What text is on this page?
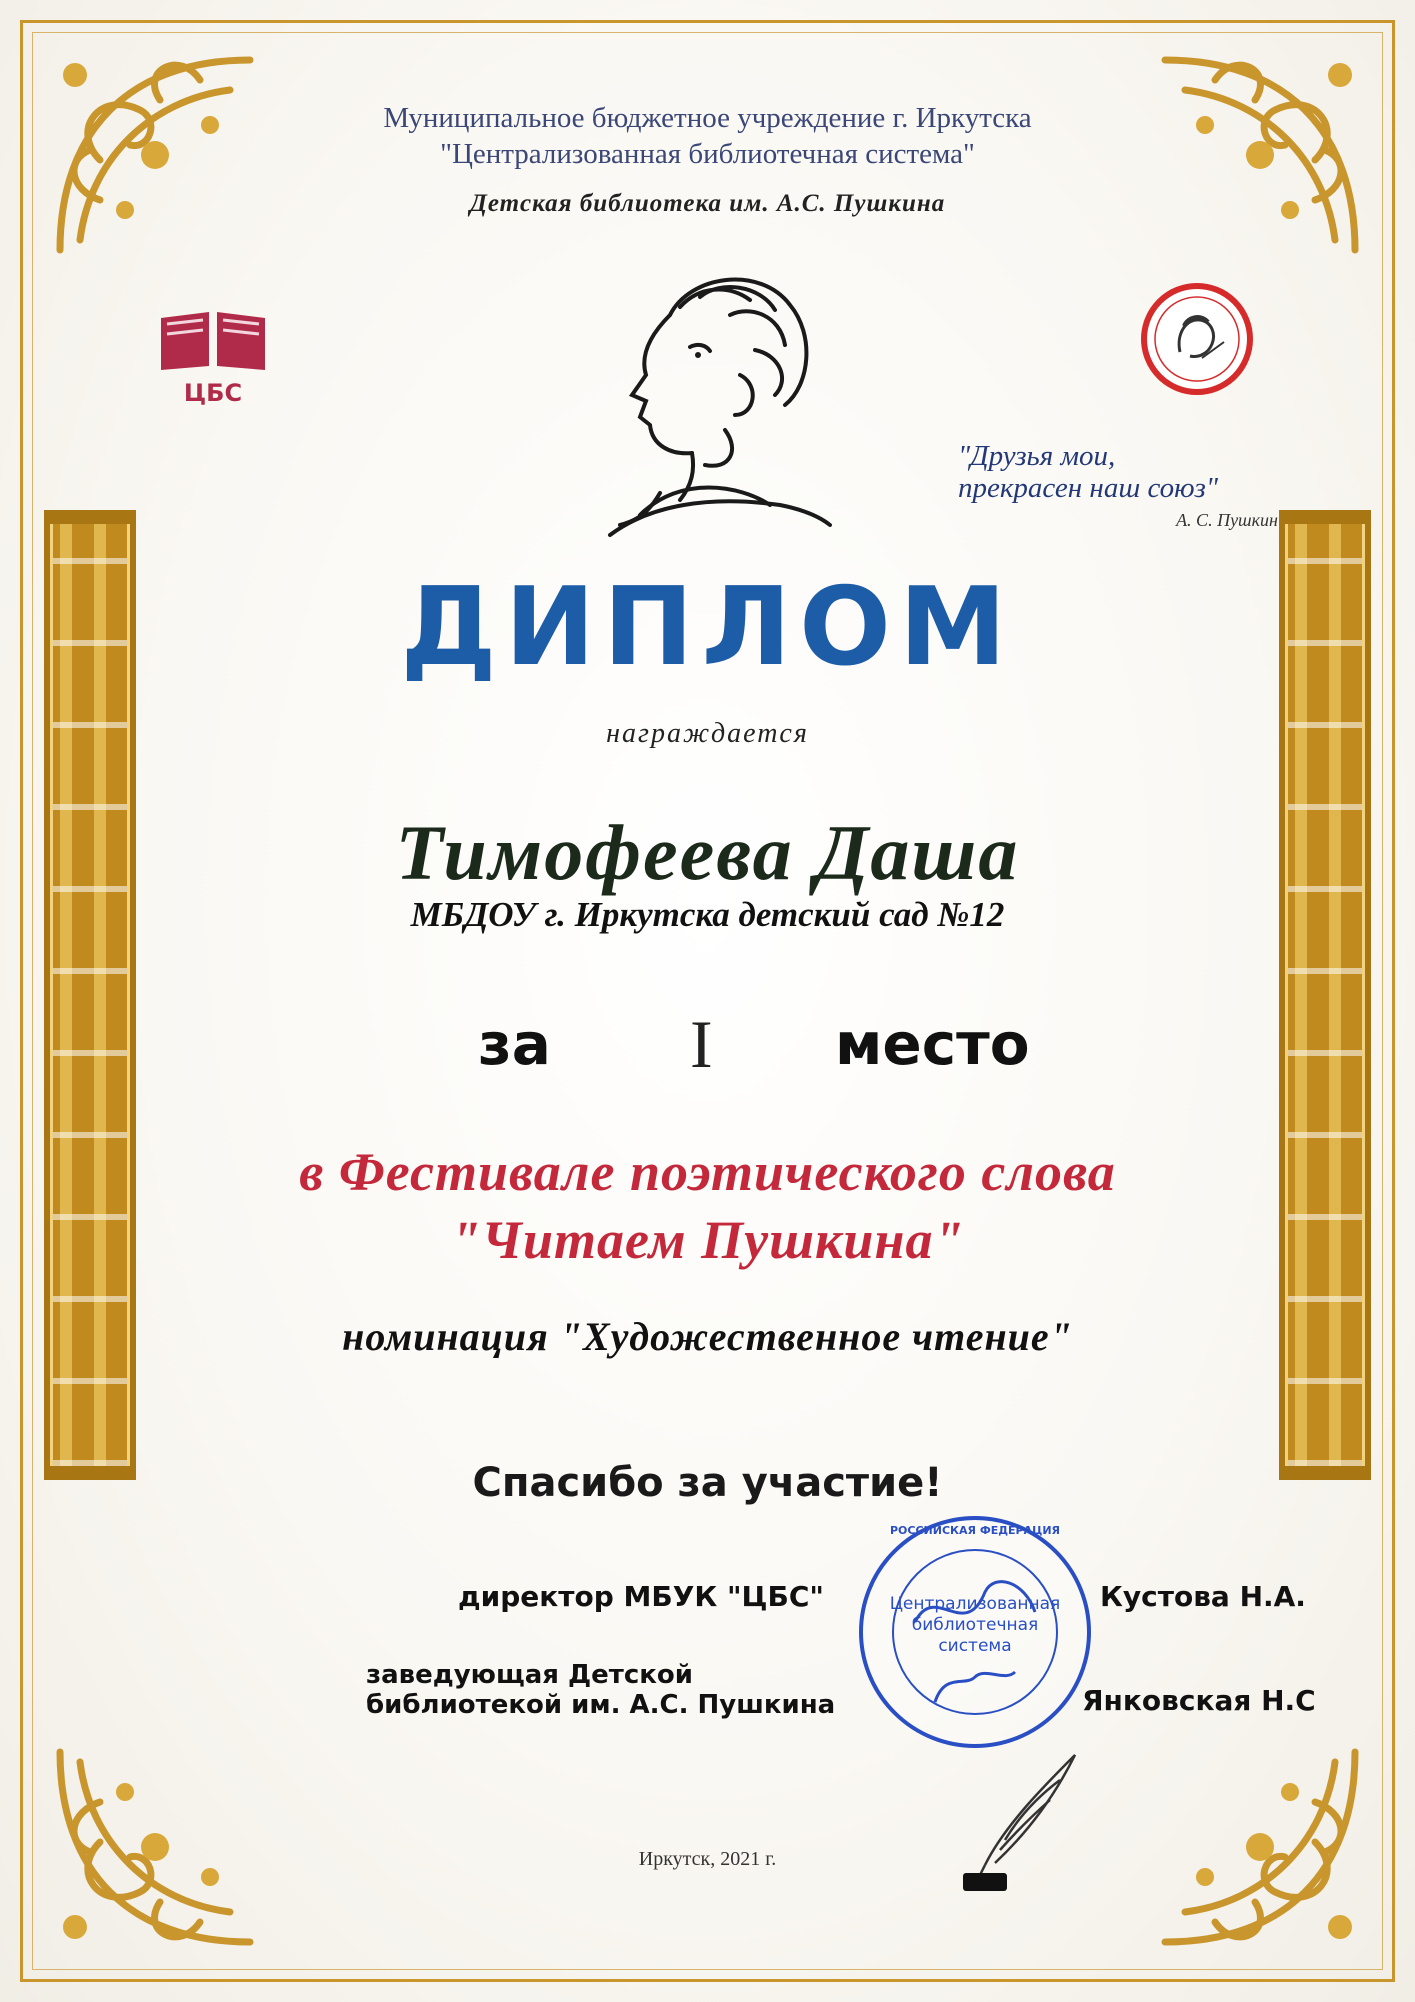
Муниципальное бюджетное учреждение г. Иркутска
"Централизованная библиотечная система"
Детская библиотека им. А.С. Пушкина
ЦБС
"Друзья мои,
прекрасен наш союз"
А. С. Пушкин
ДИПЛОМ
награждается
Тимофеева Даша
МБДОУ г. Иркутска детский сад №12
за I место
в Фестивале поэтического слова
"Читаем Пушкина"
номинация "Художественное чтение"
Спасибо за участие!
директор МБУК "ЦБС"	Кустова Н.А.
заведующая Детской
библиотекой им. А.С. Пушкина	Янковская Н.С
РОССИЙСКАЯ ФЕДЕРАЦИЯ
Централизованная
библиотечная
система
Иркутск, 2021 г.
